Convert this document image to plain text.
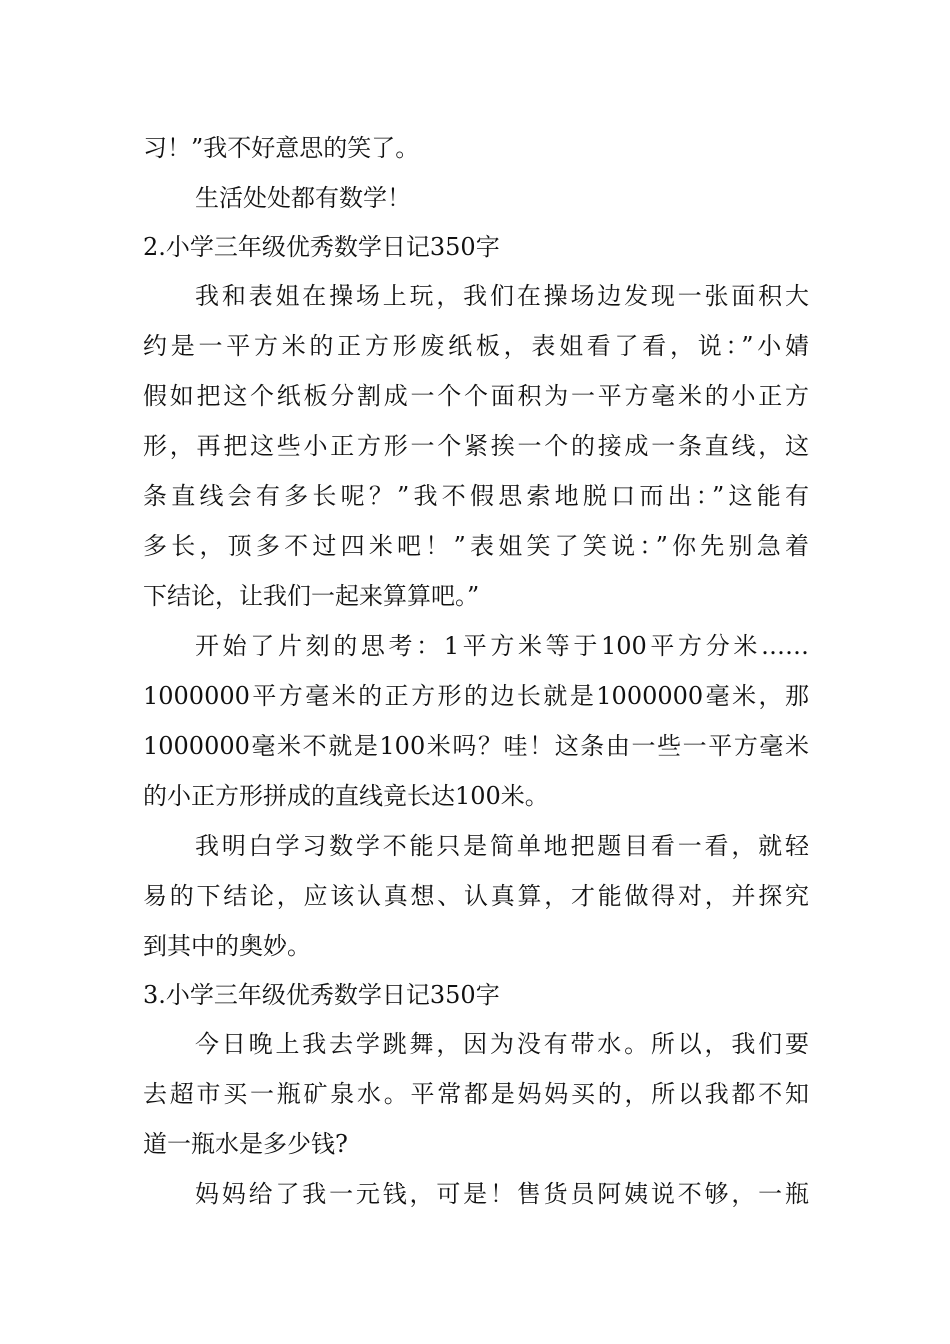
习！”我不好意思的笑了。
生活处处都有数学！
2.小学三年级优秀数学日记350字
我和表姐在操场上玩，我们在操场边发现一张面积大
约是一平方米的正方形废纸板，表姐看了看，说：”小婧
假如把这个纸板分割成一个个面积为一平方毫米的小正方
形，再把这些小正方形一个紧挨一个的接成一条直线，这
条直线会有多长呢？”我不假思索地脱口而出：”这能有
多长，顶多不过四米吧！”表姐笑了笑说：”你先别急着
下结论，让我们一起来算算吧。”
开始了片刻的思考：1平方米等于100平方分米……
1000000平方毫米的正方形的边长就是1000000毫米，那
1000000毫米不就是100米吗？哇！这条由一些一平方毫米
的小正方形拼成的直线竟长达100米。
我明白学习数学不能只是简单地把题目看一看，就轻
易的下结论，应该认真想、认真算，才能做得对，并探究
到其中的奥妙。
3.小学三年级优秀数学日记350字
今日晚上我去学跳舞，因为没有带水。所以，我们要
去超市买一瓶矿泉水。平常都是妈妈买的，所以我都不知
道一瓶水是多少钱?
妈妈给了我一元钱，可是！售货员阿姨说不够，一瓶
